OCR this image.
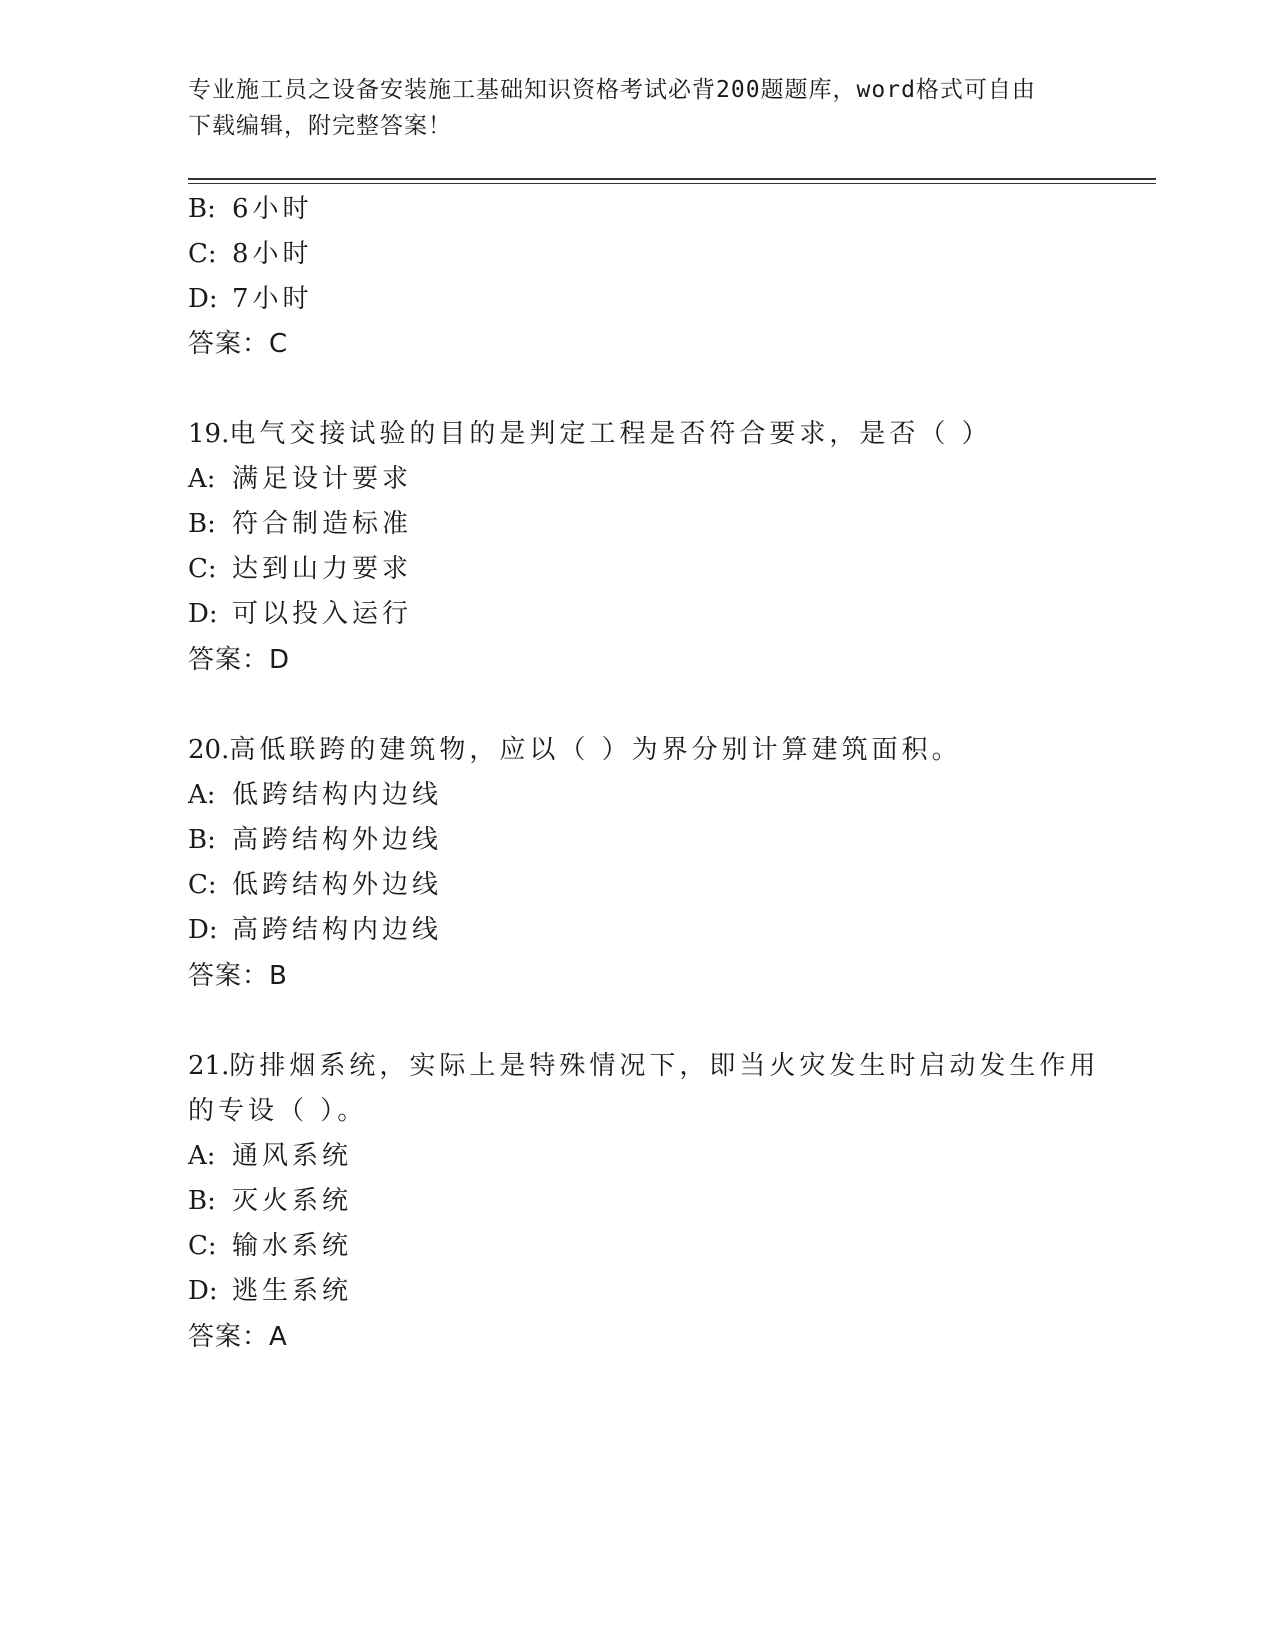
专业施工员之设备安装施工基础知识资格考试必背200题题库，word格式可自由
下载编辑，附完整答案！
B: 6小时
C: 8小时
D: 7小时
答案：C
19.电气交接试验的目的是判定工程是否符合要求，是否（ ）
A: 满足设计要求
B: 符合制造标准
C: 达到山力要求
D: 可以投入运行
答案：D
20.高低联跨的建筑物，应以（ ）为界分别计算建筑面积。
A: 低跨结构内边线
B: 高跨结构外边线
C: 低跨结构外边线
D: 高跨结构内边线
答案：B
21.防排烟系统，实际上是特殊情况下，即当火灾发生时启动发生作用
的专设（ ）。
A: 通风系统
B: 灭火系统
C: 输水系统
D: 逃生系统
答案：A
